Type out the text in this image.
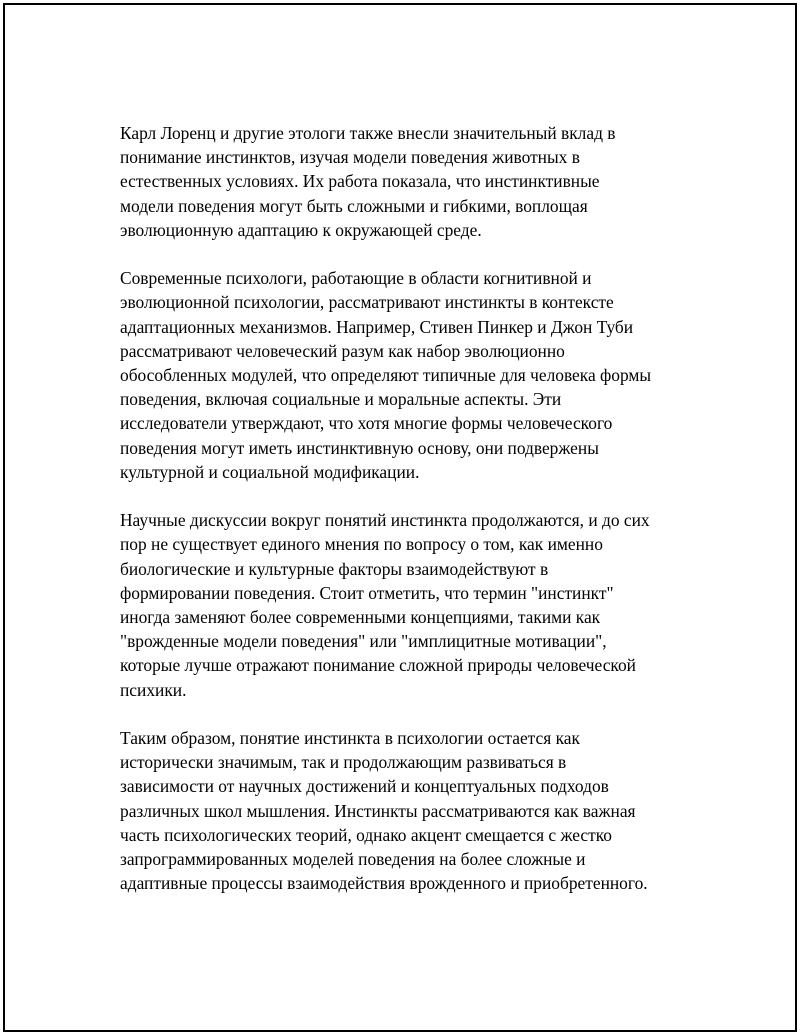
Карл Лоренц и другие этологи также внесли значительный вклад в
понимание инстинктов, изучая модели поведения животных в
естественных условиях. Их работа показала, что инстинктивные
модели поведения могут быть сложными и гибкими, воплощая
эволюционную адаптацию к окружающей среде.

Современные психологи, работающие в области когнитивной и
эволюционной психологии, рассматривают инстинкты в контексте
адаптационных механизмов. Например, Стивен Пинкер и Джон Туби
рассматривают человеческий разум как набор эволюционно
обособленных модулей, что определяют типичные для человека формы
поведения, включая социальные и моральные аспекты. Эти
исследователи утверждают, что хотя многие формы человеческого
поведения могут иметь инстинктивную основу, они подвержены
культурной и социальной модификации.

Научные дискуссии вокруг понятий инстинкта продолжаются, и до сих
пор не существует единого мнения по вопросу о том, как именно
биологические и культурные факторы взаимодействуют в
формировании поведения. Стоит отметить, что термин "инстинкт"
иногда заменяют более современными концепциями, такими как
"врожденные модели поведения" или "имплицитные мотивации",
которые лучше отражают понимание сложной природы человеческой
психики.

Таким образом, понятие инстинкта в психологии остается как
исторически значимым, так и продолжающим развиваться в
зависимости от научных достижений и концептуальных подходов
различных школ мышления. Инстинкты рассматриваются как важная
часть психологических теорий, однако акцент смещается с жестко
запрограммированных моделей поведения на более сложные и
адаптивные процессы взаимодействия врожденного и приобретенного.
